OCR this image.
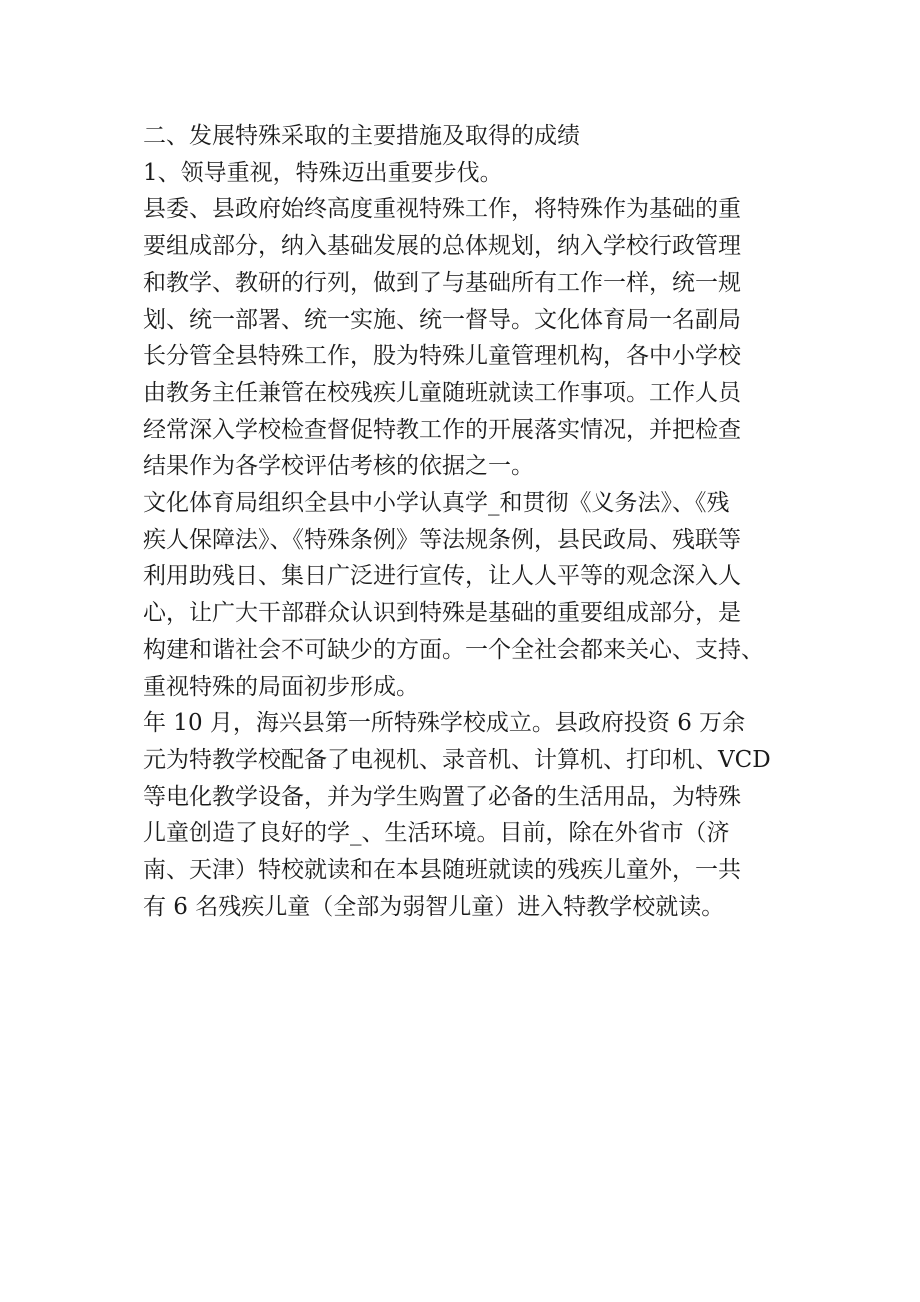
二、发展特殊采取的主要措施及取得的成绩

1、领导重视，特殊迈出重要步伐。

县委、县政府始终高度重视特殊工作，将特殊作为基础的重

要组成部分，纳入基础发展的总体规划，纳入学校行政管理

和教学、教研的行列，做到了与基础所有工作一样，统一规

划、统一部署、统一实施、统一督导。文化体育局一名副局

长分管全县特殊工作，股为特殊儿童管理机构，各中小学校

由教务主任兼管在校残疾儿童随班就读工作事项。工作人员

经常深入学校检查督促特教工作的开展落实情况，并把检查

结果作为各学校评估考核的依据之一。

文化体育局组织全县中小学认真学_和贯彻《义务法》、《残

疾人保障法》、《特殊条例》等法规条例，县民政局、残联等

利用助残日、集日广泛进行宣传，让人人平等的观念深入人

心，让广大干部群众认识到特殊是基础的重要组成部分，是

构建和谐社会不可缺少的方面。一个全社会都来关心、支持、

重视特殊的局面初步形成。

年 10 月，海兴县第一所特殊学校成立。县政府投资 6 万余

元为特教学校配备了电视机、录音机、计算机、打印机、VCD

等电化教学设备，并为学生购置了必备的生活用品，为特殊

儿童创造了良好的学_、生活环境。目前，除在外省市（济

南、天津）特校就读和在本县随班就读的残疾儿童外，一共

有 6 名残疾儿童（全部为弱智儿童）进入特教学校就读。
